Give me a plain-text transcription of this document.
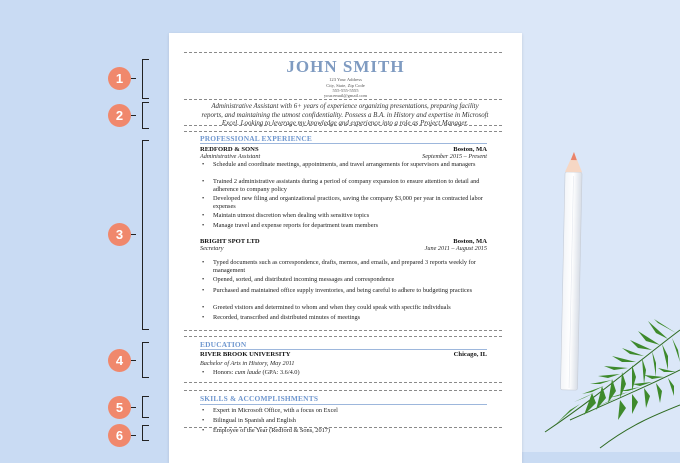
JOHN SMITH
123 Your Address
City, State, Zip Code
555-555-5555
your.email@gmail.com
Administrative Assistant with 6+ years of experience organizing presentations, preparing facility reports, and maintaining the utmost confidentiality. Possess a B.A. in History and expertise in Microsoft Excel. Looking to leverage my knowledge and experience into a role as Project Manager.
PROFESSIONAL EXPERIENCE
REDFORD & SONS	Boston, MA
Administrative Assistant	September 2015 – Present
•	Schedule and coordinate meetings, appointments, and travel arrangements for supervisors and managers
•	Trained 2 administrative assistants during a period of company expansion to ensure attention to detail and adherence to company policy
•	Developed new filing and organizational practices, saving the company $3,000 per year in contracted labor expenses
•	Maintain utmost discretion when dealing with sensitive topics
•	Manage travel and expense reports for department team members
BRIGHT SPOT LTD	Boston, MA
Secretary	June 2011 – August 2015
•	Typed documents such as correspondence, drafts, memos, and emails, and prepared 3 reports weekly for management
•	Opened, sorted, and distributed incoming messages and correspondence
•	Purchased and maintained office supply inventories, and being careful to adhere to budgeting practices
•	Greeted visitors and determined to whom and when they could speak with specific individuals
•	Recorded, transcribed and distributed minutes of meetings
EDUCATION
RIVER BROOK UNIVERSITY	Chicago, IL
Bachelor of Arts in History, May 2011
•	Honors: cum laude (GPA: 3.6/4.0)
SKILLS & ACCOMPLISHMENTS
•	Expert in Microsoft Office, with a focus on Excel
•	Bilingual in Spanish and English
•	Employee of the Year (Redford & Sons, 2017)
1
2
3
4
5
6
